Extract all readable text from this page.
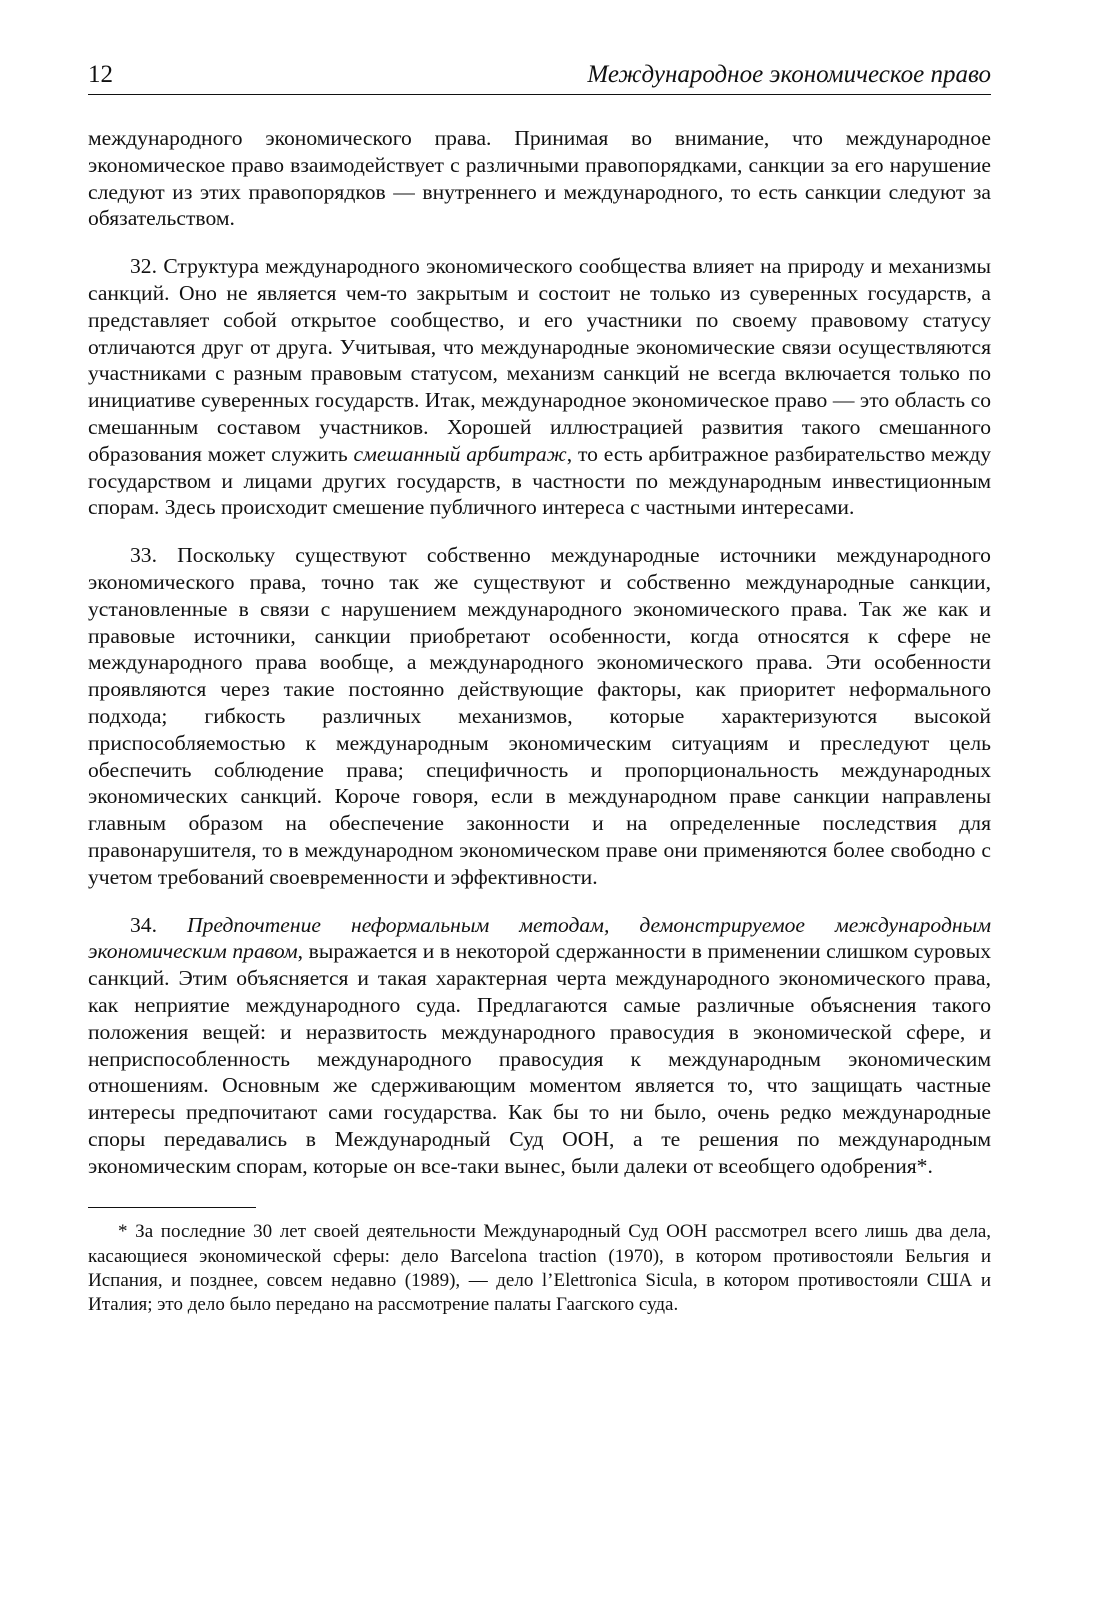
12	Международное экономическое право

международного экономического права. Принимая во внимание, что международное экономическое право взаимодействует с различными правопорядками, санкции за его нарушение следуют из этих правопорядков — внутреннего и международного, то есть санкции следуют за обязательством.

32. Структура международного экономического сообщества влияет на природу и механизмы санкций. Оно не является чем-то закрытым и состоит не только из суверенных государств, а представляет собой открытое сообщество, и его участники по своему правовому статусу отличаются друг от друга. Учитывая, что международные экономические связи осуществляются участниками с разным правовым статусом, механизм санкций не всегда включается только по инициативе суверенных государств. Итак, международное экономическое право — это область со смешанным составом участников. Хорошей иллюстрацией развития такого смешанного образования может служить смешанный арбитраж, то есть арбитражное разбирательство между государством и лицами других государств, в частности по международным инвестиционным спорам. Здесь происходит смешение публичного интереса с частными интересами.

33. Поскольку существуют собственно международные источники международного экономического права, точно так же существуют и собственно международные санкции, установленные в связи с нарушением международного экономического права. Так же как и правовые источники, санкции приобретают особенности, когда относятся к сфере не международного права вообще, а международного экономического права. Эти особенности проявляются через такие постоянно действующие факторы, как приоритет неформального подхода; гибкость различных механизмов, которые характеризуются высокой приспособляемостью к международным экономическим ситуациям и преследуют цель обеспечить соблюдение права; специфичность и пропорциональность международных экономических санкций. Короче говоря, если в международном праве санкции направлены главным образом на обеспечение законности и на определенные последствия для правонарушителя, то в международном экономическом праве они применяются более свободно с учетом требований своевременности и эффективности.

34. Предпочтение неформальным методам, демонстрируемое международным экономическим правом, выражается и в некоторой сдержанности в применении слишком суровых санкций. Этим объясняется и такая характерная черта международного экономического права, как неприятие международного суда. Предлагаются самые различные объяснения такого положения вещей: и неразвитость международного правосудия в экономической сфере, и неприспособленность международного правосудия к международным экономическим отношениям. Основным же сдерживающим моментом является то, что защищать частные интересы предпочитают сами государства. Как бы то ни было, очень редко международные споры передавались в Международный Суд ООН, а те решения по международным экономическим спорам, которые он все-таки вынес, были далеки от всеобщего одобрения*.

* За последние 30 лет своей деятельности Международный Суд ООН рассмотрел всего лишь два дела, касающиеся экономической сферы: дело Barcelona traction (1970), в котором противостояли Бельгия и Испания, и позднее, совсем недавно (1989), — дело l’Elettronica Sicula, в котором противостояли США и Италия; это дело было передано на рассмотрение палаты Гаагского суда.
